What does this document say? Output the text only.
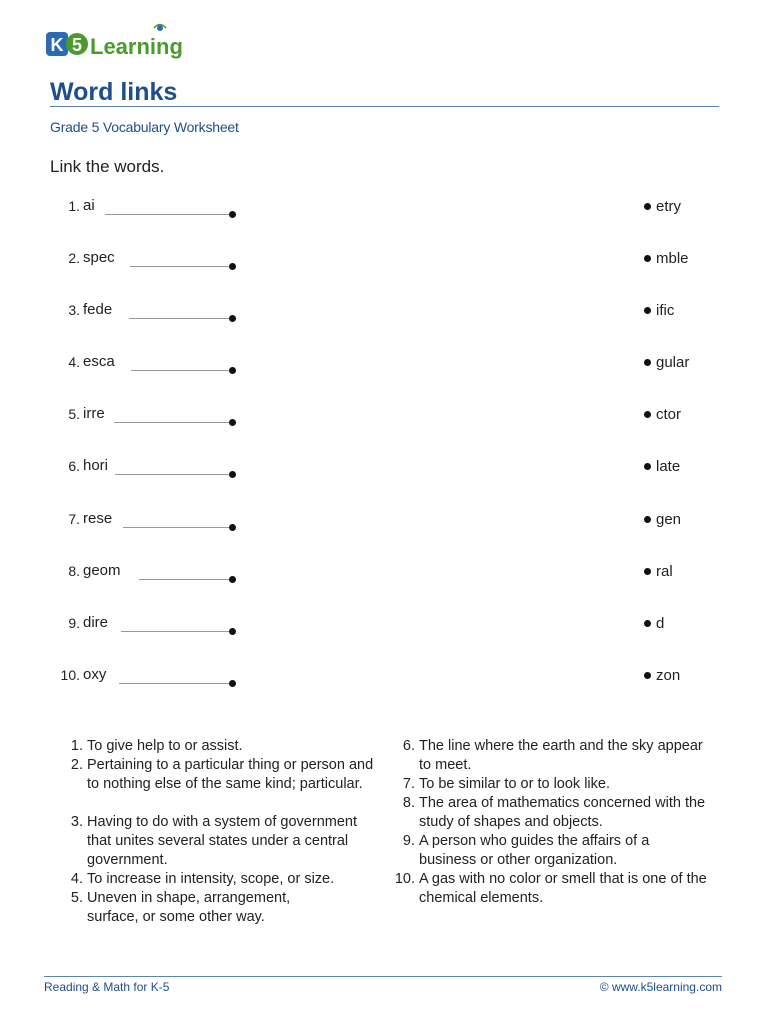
K 5 Learning
Word links
Grade 5 Vocabulary Worksheet
Link the words.
1. ai
2. spec
3. fede
4. esca
5. irre
6. hori
7. rese
8. geom
9. dire
10. oxy
etry
mble
ific
gular
ctor
late
gen
ral
d
zon
1. To give help to or assist.
2. Pertaining to a particular thing or person and to nothing else of the same kind; particular.
3. Having to do with a system of government that unites several states under a central government.
4. To increase in intensity, scope, or size.
5. Uneven in shape, arrangement, surface, or some other way.
6. The line where the earth and the sky appear to meet.
7. To be similar to or to look like.
8. The area of mathematics concerned with the study of shapes and objects.
9. A person who guides the affairs of a business or other organization.
10. A gas with no color or smell that is one of the chemical elements.
Reading & Math for K-5	© www.k5learning.com
